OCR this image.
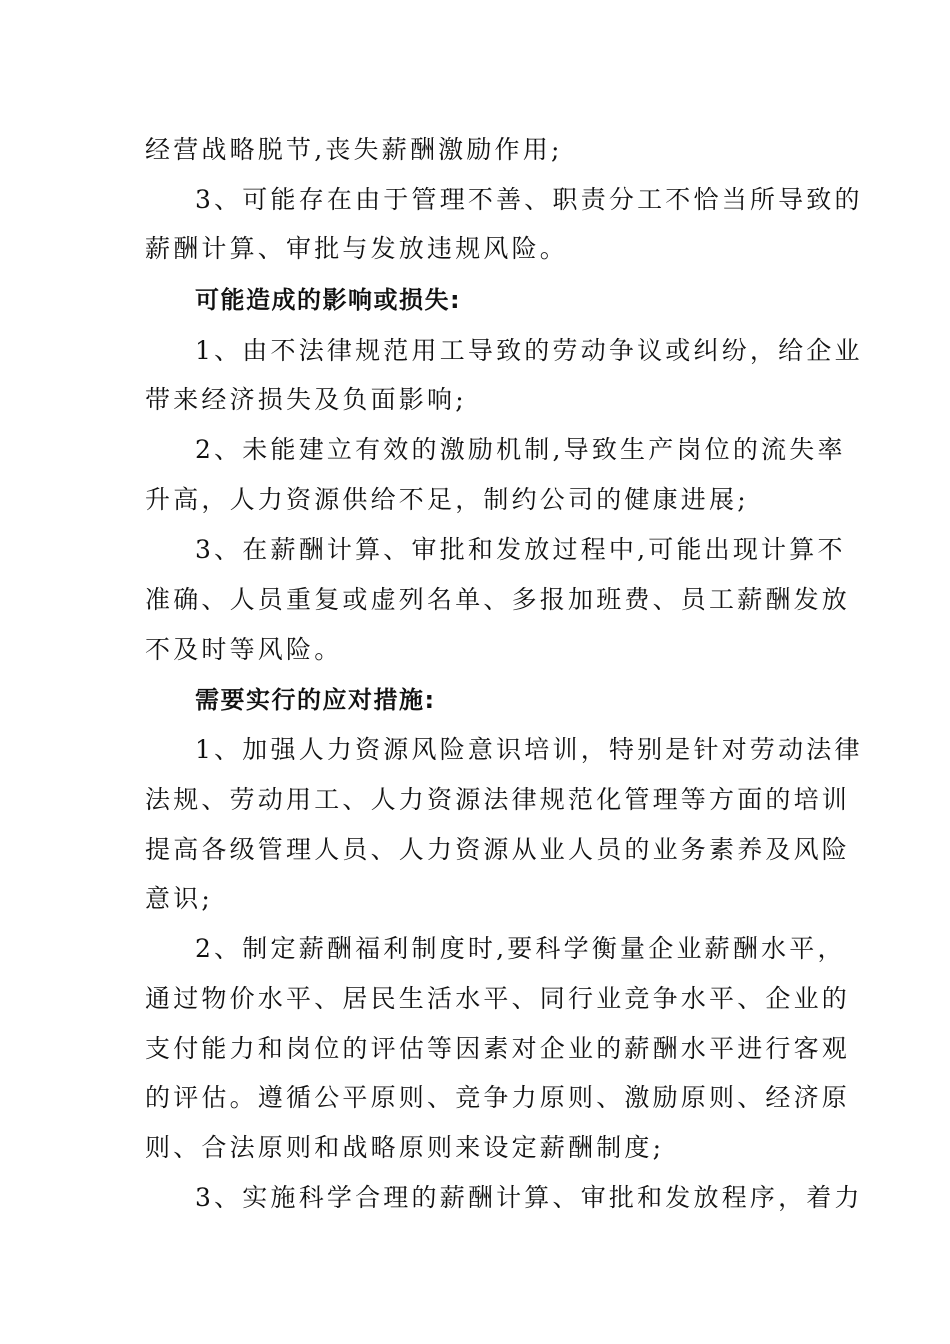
经营战略脱节,丧失薪酬激励作用;
3、可能存在由于管理不善、职责分工不恰当所导致的
薪酬计算、审批与发放违规风险。
可能造成的影响或损失:
1、由不法律规范用工导致的劳动争议或纠纷，给企业
带来经济损失及负面影响;
2、未能建立有效的激励机制,导致生产岗位的流失率
升高，人力资源供给不足，制约公司的健康进展;
3、在薪酬计算、审批和发放过程中,可能出现计算不
准确、人员重复或虚列名单、多报加班费、员工薪酬发放
不及时等风险。
需要实行的应对措施:
1、加强人力资源风险意识培训，特别是针对劳动法律
法规、劳动用工、人力资源法律规范化管理等方面的培训
提高各级管理人员、人力资源从业人员的业务素养及风险
意识;
2、制定薪酬福利制度时,要科学衡量企业薪酬水平，
通过物价水平、居民生活水平、同行业竞争水平、企业的
支付能力和岗位的评估等因素对企业的薪酬水平进行客观
的评估。遵循公平原则、竞争力原则、激励原则、经济原
则、合法原则和战略原则来设定薪酬制度;
3、实施科学合理的薪酬计算、审批和发放程序，着力
